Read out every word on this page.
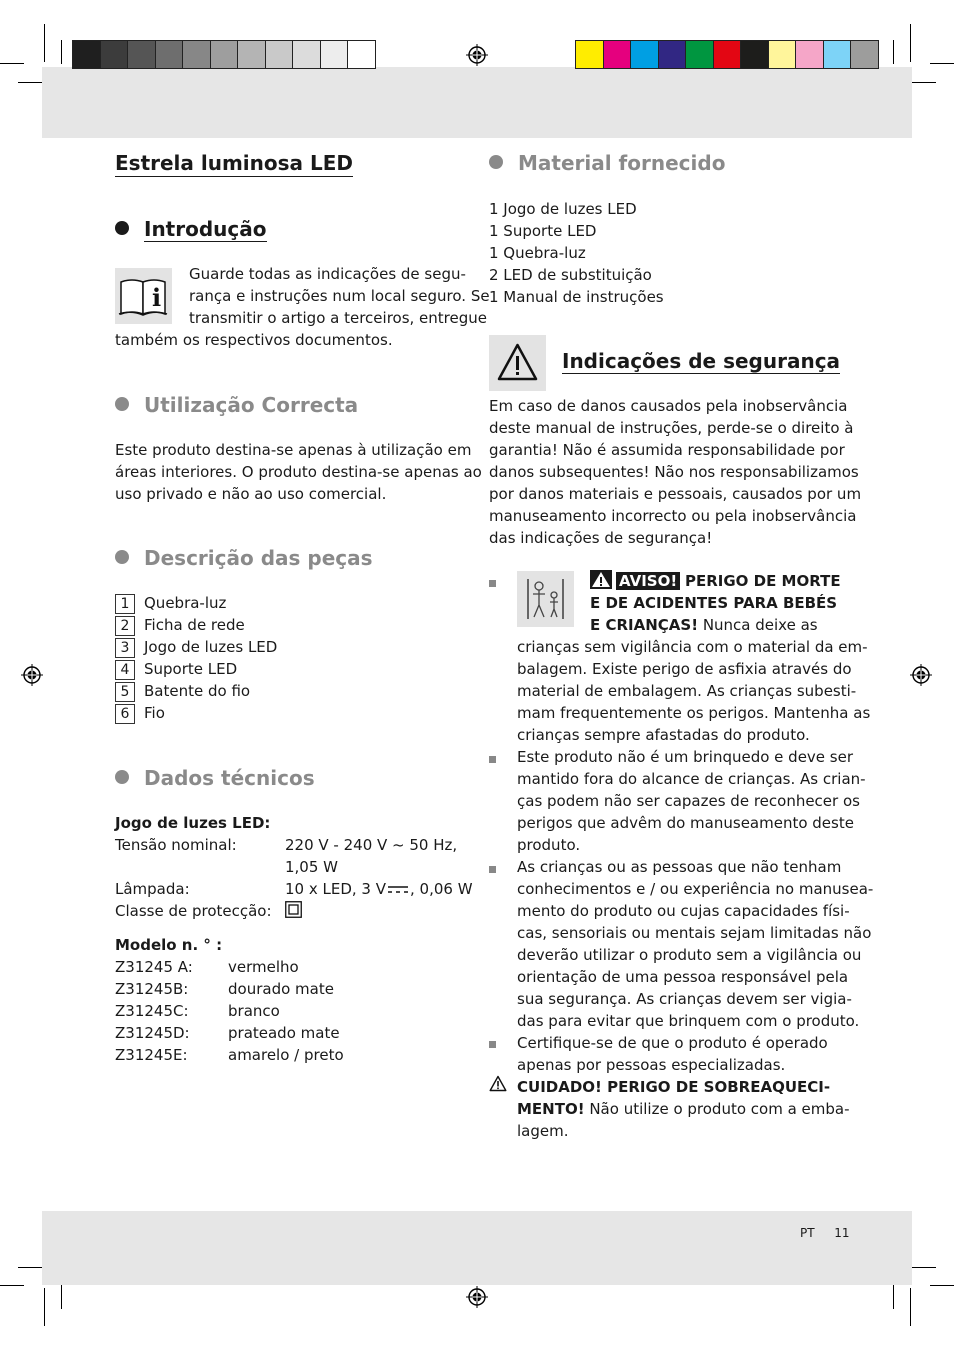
Estrela luminosa LED
Introdução
i
Guarde todas as indicações de segu-
rança e instruções num local seguro. Se
transmitir o artigo a terceiros, entregue
também os respectivos documentos.
Utilização Correcta
Este produto destina-se apenas à utilização em
áreas interiores. O produto destina-se apenas ao
uso privado e não ao uso comercial.
Descrição das peças
1 Quebra-luz
2 Ficha de rede
3 Jogo de luzes LED
4 Suporte LED
5 Batente do fio
6 Fio
Dados técnicos
Jogo de luzes LED:
Tensão nominal:	220 V - 240 V ~ 50 Hz,
1,05 W
Lâmpada:	10 x LED, 3 V , 0,06 W
Classe de protecção:
Modelo n. ° :
Z31245 A: vermelho
Z31245B:	dourado mate
Z31245C:	branco
Z31245D:	prateado mate
Z31245E:	amarelo / preto
Material fornecido
1 Jogo de luzes LED
1 Suporte LED
1 Quebra-luz
2 LED de substituição
1 Manual de instruções
Indicações de segurança
Em caso de danos causados pela inobservância
deste manual de instruções, perde-se o direito à
garantia! Não é assumida responsabilidade por
danos subsequentes! Não nos responsabilizamos
por danos materiais e pessoais, causados por um
manuseamento incorrecto ou pela inobservância
das indicações de segurança!
AVISO! PERIGO DE MORTE
E DE ACIDENTES PARA BEBÉS
E CRIANÇAS! Nunca deixe as
crianças sem vigilância com o material da em-
balagem. Existe perigo de asfixia através do
material de embalagem. As crianças subesti-
mam frequentemente os perigos. Mantenha as
crianças sempre afastadas do produto.
Este produto não é um brinquedo e deve ser
mantido fora do alcance de crianças. As crian-
ças podem não ser capazes de reconhecer os
perigos que advêm do manuseamento deste
produto.
As crianças ou as pessoas que não tenham
conhecimentos e / ou experiência no manusea-
mento do produto ou cujas capacidades físi-
cas, sensoriais ou mentais sejam limitadas não
deverão utilizar o produto sem a vigilância ou
orientação de uma pessoa responsável pela
sua segurança. As crianças devem ser vigia-
das para evitar que brinquem com o produto.
Certifique-se de que o produto é operado
apenas por pessoas especializadas.
CUIDADO! PERIGO DE SOBREAQUECI-
MENTO! Não utilize o produto com a emba-
lagem.
PT 11
